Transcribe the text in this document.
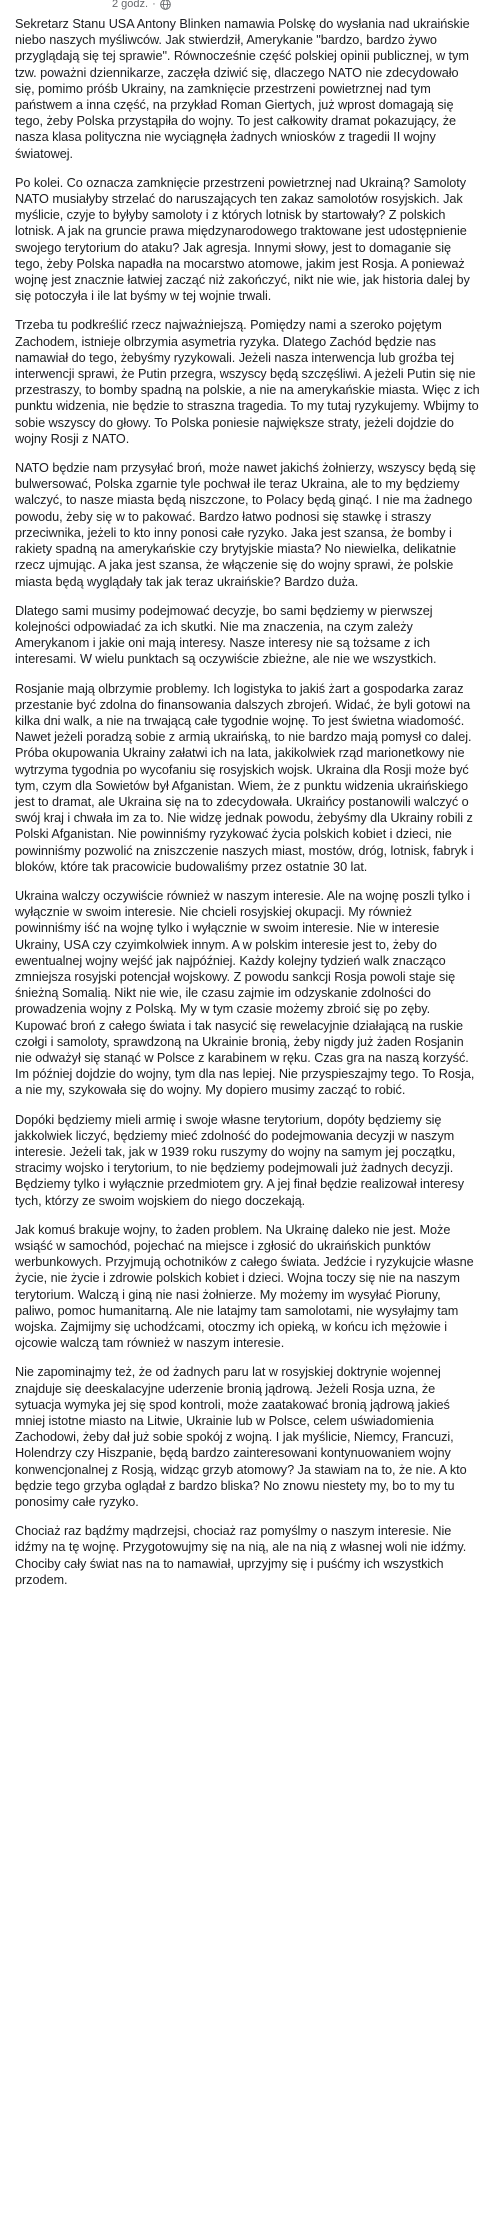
2 godz. ·

Sekretarz Stanu USA Antony Blinken namawia Polskę do wysłania nad ukraińskie niebo naszych myśliwców. Jak stwierdził, Amerykanie "bardzo, bardzo żywo przyglądają się tej sprawie". Równocześnie część polskiej opinii publicznej, w tym tzw. poważni dziennikarze, zaczęła dziwić się, dlaczego NATO nie zdecydowało się, pomimo próśb Ukrainy, na zamknięcie przestrzeni powietrznej nad tym państwem a inna część, na przykład Roman Giertych, już wprost domagają się tego, żeby Polska przystąpiła do wojny. To jest całkowity dramat pokazujący, że nasza klasa polityczna nie wyciągnęła żadnych wniosków z tragedii II wojny światowej.

Po kolei. Co oznacza zamknięcie przestrzeni powietrznej nad Ukrainą? Samoloty NATO musiałyby strzelać do naruszających ten zakaz samolotów rosyjskich. Jak myślicie, czyje to byłyby samoloty i z których lotnisk by startowały? Z polskich lotnisk. A jak na gruncie prawa międzynarodowego traktowane jest udostępnienie swojego terytorium do ataku? Jak agresja. Innymi słowy, jest to domaganie się tego, żeby Polska napadła na mocarstwo atomowe, jakim jest Rosja. A ponieważ wojnę jest znacznie łatwiej zacząć niż zakończyć, nikt nie wie, jak historia dalej by się potoczyła i ile lat byśmy w tej wojnie trwali.

Trzeba tu podkreślić rzecz najważniejszą. Pomiędzy nami a szeroko pojętym Zachodem, istnieje olbrzymia asymetria ryzyka. Dlatego Zachód będzie nas namawiał do tego, żebyśmy ryzykowali. Jeżeli nasza interwencja lub groźba tej interwencji sprawi, że Putin przegra, wszyscy będą szczęśliwi. A jeżeli Putin się nie przestraszy, to bomby spadną na polskie, a nie na amerykańskie miasta. Więc z ich punktu widzenia, nie będzie to straszna tragedia. To my tutaj ryzykujemy. Wbijmy to sobie wszyscy do głowy. To Polska poniesie największe straty, jeżeli dojdzie do wojny Rosji z NATO.

NATO będzie nam przysyłać broń, może nawet jakichś żołnierzy, wszyscy będą się bulwersować, Polska zgarnie tyle pochwał ile teraz Ukraina, ale to my będziemy walczyć, to nasze miasta będą niszczone, to Polacy będą ginąć. I nie ma żadnego powodu, żeby się w to pakować. Bardzo łatwo podnosi się stawkę i straszy przeciwnika, jeżeli to kto inny ponosi całe ryzyko. Jaka jest szansa, że bomby i rakiety spadną na amerykańskie czy brytyjskie miasta? No niewielka, delikatnie rzecz ujmując. A jaka jest szansa, że włączenie się do wojny sprawi, że polskie miasta będą wyglądały tak jak teraz ukraińskie? Bardzo duża.

Dlatego sami musimy podejmować decyzje, bo sami będziemy w pierwszej kolejności odpowiadać za ich skutki. Nie ma znaczenia, na czym zależy Amerykanom i jakie oni mają interesy. Nasze interesy nie są tożsame z ich interesami. W wielu punktach są oczywiście zbieżne, ale nie we wszystkich.

Rosjanie mają olbrzymie problemy. Ich logistyka to jakiś żart a gospodarka zaraz przestanie być zdolna do finansowania dalszych zbrojeń. Widać, że byli gotowi na kilka dni walk, a nie na trwającą całe tygodnie wojnę. To jest świetna wiadomość. Nawet jeżeli poradzą sobie z armią ukraińską, to nie bardzo mają pomysł co dalej. Próba okupowania Ukrainy załatwi ich na lata, jakikolwiek rząd marionetkowy nie wytrzyma tygodnia po wycofaniu się rosyjskich wojsk. Ukraina dla Rosji może być tym, czym dla Sowietów był Afganistan. Wiem, że z punktu widzenia ukraińskiego jest to dramat, ale Ukraina się na to zdecydowała. Ukraińcy postanowili walczyć o swój kraj i chwała im za to. Nie widzę jednak powodu, żebyśmy dla Ukrainy robili z Polski Afganistan. Nie powinniśmy ryzykować życia polskich kobiet i dzieci, nie powinniśmy pozwolić na zniszczenie naszych miast, mostów, dróg, lotnisk, fabryk i bloków, które tak pracowicie budowaliśmy przez ostatnie 30 lat.

Ukraina walczy oczywiście również w naszym interesie. Ale na wojnę poszli tylko i wyłącznie w swoim interesie. Nie chcieli rosyjskiej okupacji. My również powinniśmy iść na wojnę tylko i wyłącznie w swoim interesie. Nie w interesie Ukrainy, USA czy czyimkolwiek innym. A w polskim interesie jest to, żeby do ewentualnej wojny wejść jak najpóźniej. Każdy kolejny tydzień walk znacząco zmniejsza rosyjski potencjał wojskowy. Z powodu sankcji Rosja powoli staje się śnieżną Somalią. Nikt nie wie, ile czasu zajmie im odzyskanie zdolności do prowadzenia wojny z Polską. My w tym czasie możemy zbroić się po zęby. Kupować broń z całego świata i tak nasycić się rewelacyjnie działającą na ruskie czołgi i samoloty, sprawdzoną na Ukrainie bronią, żeby nigdy już żaden Rosjanin nie odważył się stanąć w Polsce z karabinem w ręku. Czas gra na naszą korzyść. Im później dojdzie do wojny, tym dla nas lepiej. Nie przyspieszajmy tego. To Rosja, a nie my, szykowała się do wojny. My dopiero musimy zacząć to robić.

Dopóki będziemy mieli armię i swoje własne terytorium, dopóty będziemy się jakkolwiek liczyć, będziemy mieć zdolność do podejmowania decyzji w naszym interesie. Jeżeli tak, jak w 1939 roku ruszymy do wojny na samym jej początku, stracimy wojsko i terytorium, to nie będziemy podejmowali już żadnych decyzji. Będziemy tylko i wyłącznie przedmiotem gry. A jej finał będzie realizował interesy tych, którzy ze swoim wojskiem do niego doczekają.

Jak komuś brakuje wojny, to żaden problem. Na Ukrainę daleko nie jest. Może wsiąść w samochód, pojechać na miejsce i zgłosić do ukraińskich punktów werbunkowych. Przyjmują ochotników z całego świata. Jedźcie i ryzykujcie własne życie, nie życie i zdrowie polskich kobiet i dzieci. Wojna toczy się nie na naszym terytorium. Walczą i giną nie nasi żołnierze. My możemy im wysyłać Pioruny, paliwo, pomoc humanitarną. Ale nie latajmy tam samolotami, nie wysyłajmy tam wojska. Zajmijmy się uchodźcami, otoczmy ich opieką, w końcu ich mężowie i ojcowie walczą tam również w naszym interesie.

Nie zapominajmy też, że od żadnych paru lat w rosyjskiej doktrynie wojennej znajduje się deeskalacyjne uderzenie bronią jądrową. Jeżeli Rosja uzna, że sytuacja wymyka jej się spod kontroli, może zaatakować bronią jądrową jakieś mniej istotne miasto na Litwie, Ukrainie lub w Polsce, celem uświadomienia Zachodowi, żeby dał już sobie spokój z wojną. I jak myślicie, Niemcy, Francuzi, Holendrzy czy Hiszpanie, będą bardzo zainteresowani kontynuowaniem wojny konwencjonalnej z Rosją, widząc grzyb atomowy? Ja stawiam na to, że nie. A kto będzie tego grzyba oglądał z bardzo bliska? No znowu niestety my, bo to my tu ponosimy całe ryzyko.

Chociaż raz bądźmy mądrzejsi, chociaż raz pomyślmy o naszym interesie. Nie idźmy na tę wojnę. Przygotowujmy się na nią, ale na nią z własnej woli nie idźmy. Chociby cały świat nas na to namawiał, uprzyjmy się i puśćmy ich wszystkich przodem.
